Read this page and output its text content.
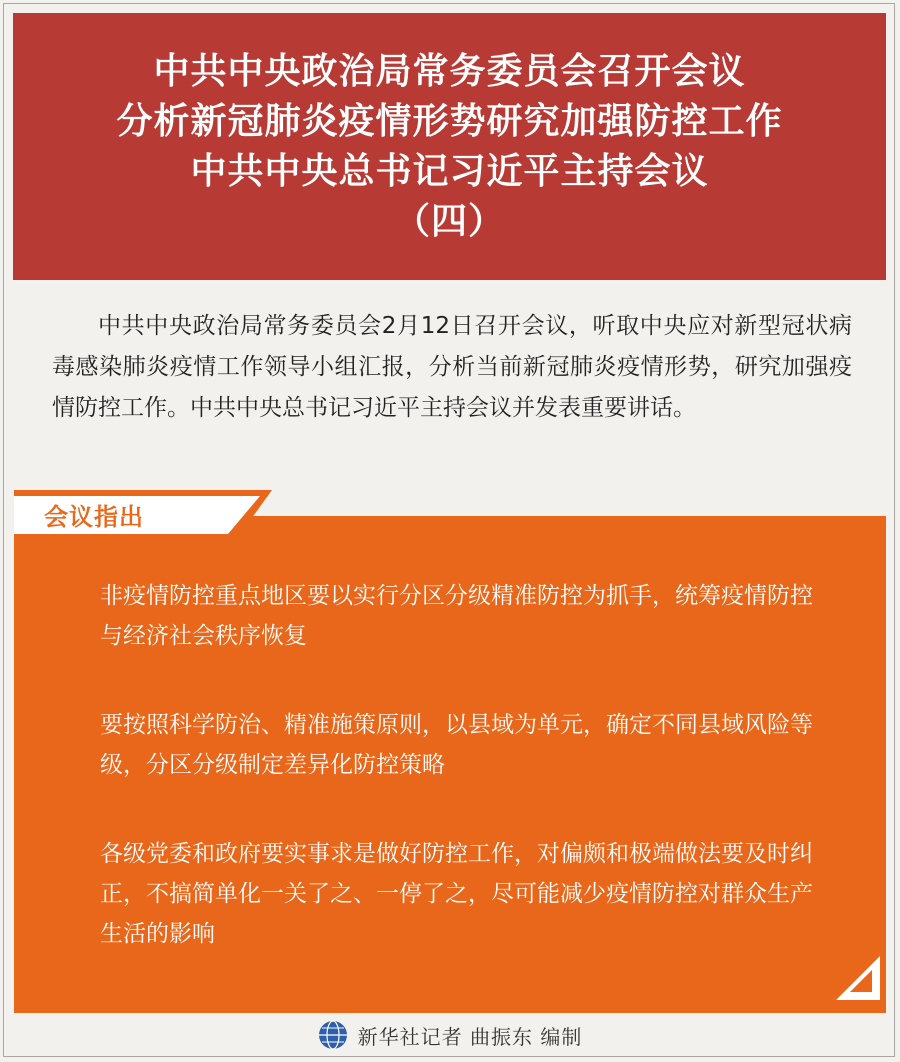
中共中央政治局常务委员会召开会议
分析新冠肺炎疫情形势研究加强防控工作
中共中央总书记习近平主持会议
（四）

中共中央政治局常务委员会2月12日召开会议，听取中央应对新型冠状病毒感染肺炎疫情工作领导小组汇报，分析当前新冠肺炎疫情形势，研究加强疫情防控工作。中共中央总书记习近平主持会议并发表重要讲话。

会议指出

非疫情防控重点地区要以实行分区分级精准防控为抓手，统筹疫情防控与经济社会秩序恢复

要按照科学防治、精准施策原则，以县域为单元，确定不同县域风险等级，分区分级制定差异化防控策略

各级党委和政府要实事求是做好防控工作，对偏颇和极端做法要及时纠正，不搞简单化一关了之、一停了之，尽可能减少疫情防控对群众生产生活的影响

新华社记者 曲振东 编制
